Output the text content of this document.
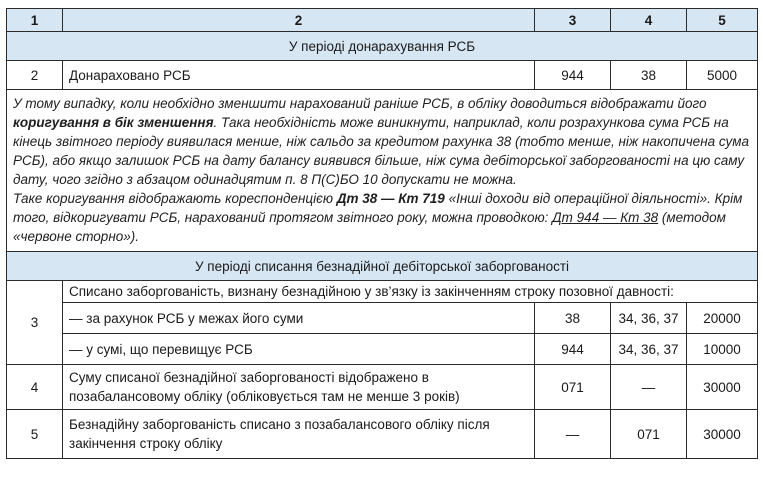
1	2	3	4	5
У періоді донарахування РСБ				
2	Донараховано РСБ	944	38	5000
У тому випадку, коли необхідно зменшити нарахований раніше РСБ, в обліку доводиться відображати його коригування в бік зменшення. Така необхідність може виникнути, наприклад, коли розрахункова сума РСБ на кінець звітного періоду виявилася менше, ніж сальдо за кредитом рахунка 38 (тобто менше, ніж накопичена сума РСБ), або якщо залишок РСБ на дату балансу виявився більше, ніж сума дебіторської заборгованості на цю саму дату, чого згідно з абзацом одинадцятим п. 8 П(С)БО 10 допускати не можна.
Таке коригування відображають кореспонденцією Дт 38 — Кт 719 «Інші доходи від операційної діяльності». Крім того, відкоригувати РСБ, нарахований протягом звітного року, можна проводкою: Дт 944 — Кт 38 (методом «червоне сторно»).				
У періоді списання безнадійної дебіторської заборгованості				
3	Списано заборгованість, визнану безнадійною у зв’язку із закінченням строку позовної давності:			
	— за рахунок РСБ у межах його суми	38	34, 36, 37	20000
	— у сумі, що перевищує РСБ	944	34, 36, 37	10000
4	Суму списаної безнадійної заборгованості відображено в позабалансовому обліку (обліковується там не менше 3 років)	071	—	30000
5	Безнадійну заборгованість списано з позабалансового обліку після закінчення строку обліку	—	071	30000
